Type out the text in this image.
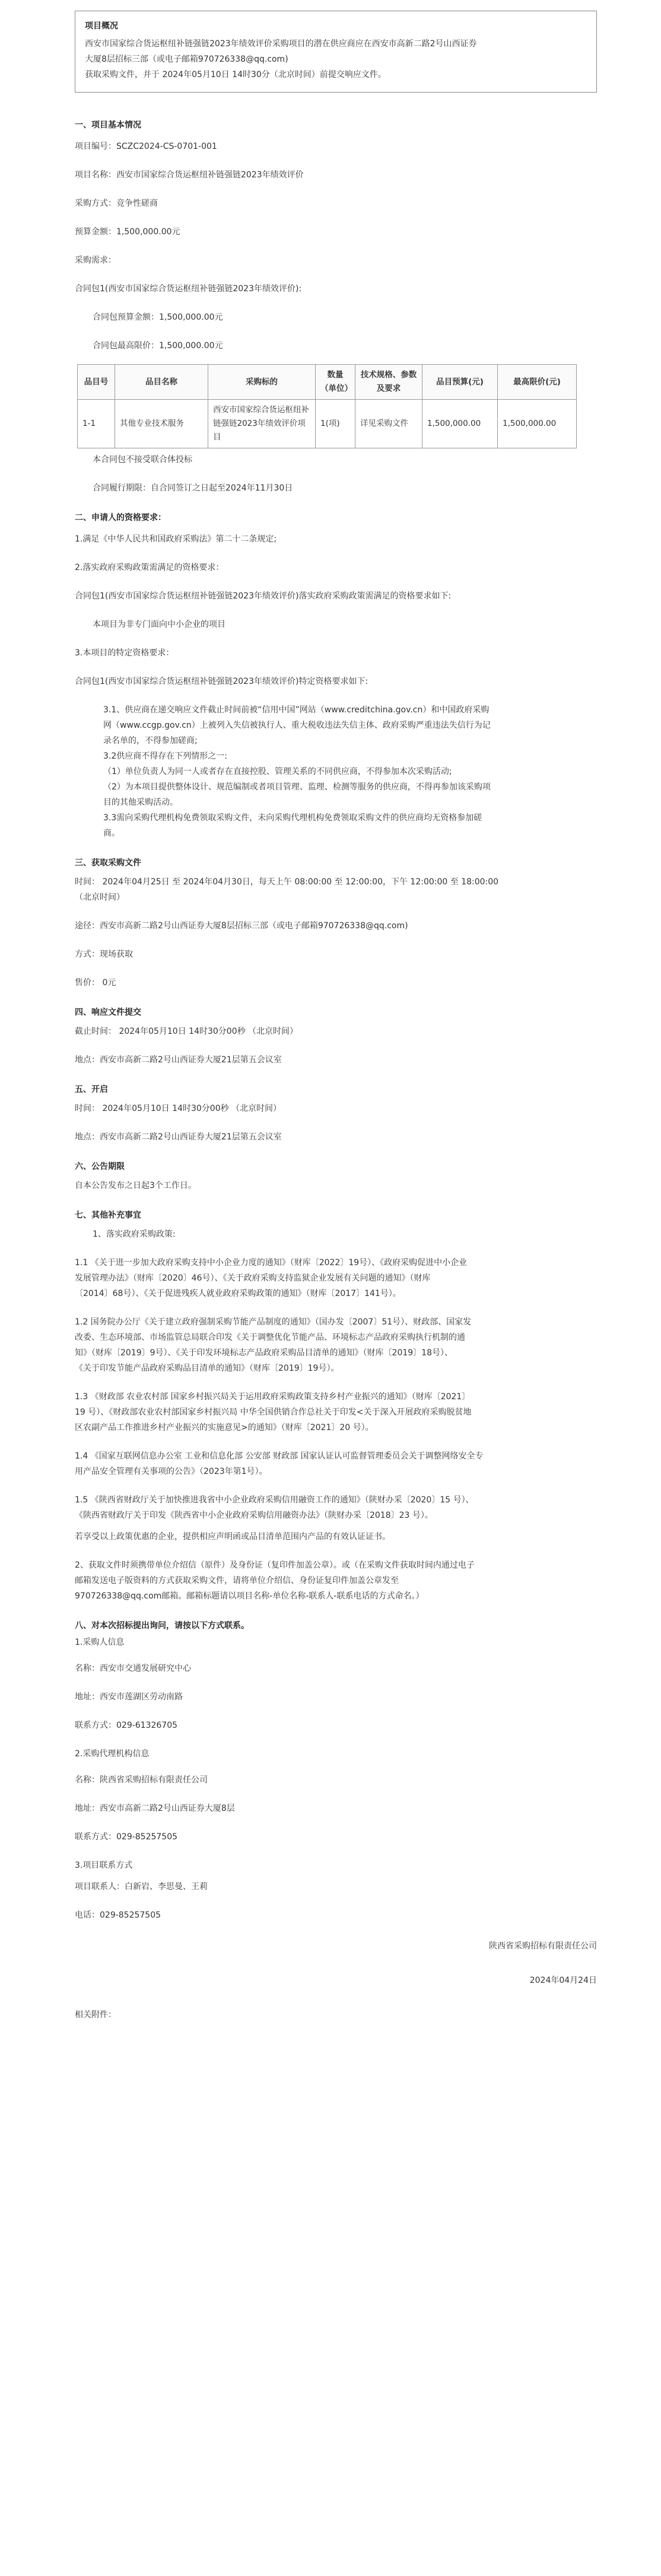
项目概况

西安市国家综合货运枢纽补链强链2023年绩效评价采购项目的潜在供应商应在西安市高新二路2号山西证券

大厦8层招标三部（或电子邮箱970726338@qq.com)

获取采购文件，并于 2024年05月10日 14时30分（北京时间）前提交响应文件。

一、项目基本情况
项目编号：SCZC2024-CS-0701-001
项目名称：西安市国家综合货运枢纽补链强链2023年绩效评价
采购方式：竞争性磋商
预算金额：1,500,000.00元
采购需求：
合同包1(西安市国家综合货运枢纽补链强链2023年绩效评价):
合同包预算金额：1,500,000.00元
合同包最高限价：1,500,000.00元
品目号	品目名称	采购标的	数量（单位）	技术规格、参数及要求	品目预算(元)	最高限价(元)
1-1	其他专业技术服务	西安市国家综合货运枢纽补链强链2023年绩效评价项目	1(项)	详见采购文件	1,500,000.00	1,500,000.00
本合同包不接受联合体投标
合同履行期限：自合同签订之日起至2024年11月30日
二、申请人的资格要求：
1.满足《中华人民共和国政府采购法》第二十二条规定;
2.落实政府采购政策需满足的资格要求：
合同包1(西安市国家综合货运枢纽补链强链2023年绩效评价)落实政府采购政策需满足的资格要求如下:
本项目为非专门面向中小企业的项目
3.本项目的特定资格要求：
合同包1(西安市国家综合货运枢纽补链强链2023年绩效评价)特定资格要求如下:
3.1、供应商在递交响应文件截止时间前被“信用中国”网站（www.creditchina.gov.cn）和中国政府采购
网（www.ccgp.gov.cn）上被列入失信被执行人、重大税收违法失信主体、政府采购严重违法失信行为记
录名单的，不得参加磋商;
3.2供应商不得存在下列情形之一:
（1）单位负责人为同一人或者存在直接控股、管理关系的不同供应商，不得参加本次采购活动;
（2）为本项目提供整体设计、规范编制或者项目管理、监理、检测等服务的供应商，不得再参加该采购项
目的其他采购活动。
3.3需向采购代理机构免费领取采购文件，未向采购代理机构免费领取采购文件的供应商均无资格参加磋
商。
三、获取采购文件
时间： 2024年04月25日 至 2024年04月30日，每天上午 08:00:00 至 12:00:00，下午 12:00:00 至 18:00:00
（北京时间）
途径：西安市高新二路2号山西证券大厦8层招标三部（或电子邮箱970726338@qq.com)
方式：现场获取
售价： 0元
四、响应文件提交
截止时间： 2024年05月10日 14时30分00秒 （北京时间）
地点：西安市高新二路2号山西证券大厦21层第五会议室
五、开启
时间： 2024年05月10日 14时30分00秒 （北京时间）
地点：西安市高新二路2号山西证券大厦21层第五会议室
六、公告期限
自本公告发布之日起3个工作日。
七、其他补充事宜
1、落实政府采购政策:
1.1 《关于进一步加大政府采购支持中小企业力度的通知》（财库〔2022〕19号）、《政府采购促进中小企业
发展管理办法》（财库〔2020〕46号）、《关于政府采购支持监狱企业发展有关问题的通知》（财库
〔2014〕68号）、《关于促进残疾人就业政府采购政策的通知》（财库〔2017〕141号）。
1.2 国务院办公厅《关于建立政府强制采购节能产品制度的通知》（国办发〔2007〕51号）、财政部、国家发
改委、生态环境部、市场监管总局联合印发《关于调整优化节能产品、环境标志产品政府采购执行机制的通
知》（财库〔2019〕9号）、《关于印发环境标志产品政府采购品目清单的通知》（财库〔2019〕18号）、
《关于印发节能产品政府采购品目清单的通知》（财库〔2019〕19号）。
1.3 《财政部 农业农村部 国家乡村振兴局关于运用政府采购政策支持乡村产业振兴的通知》（财库〔2021〕
19 号）、《财政部农业农村部国家乡村振兴局 中华全国供销合作总社关于印发<关于深入开展政府采购脱贫地
区农副产品工作推进乡村产业振兴的实施意见>的通知》（财库〔2021〕20 号）。
1.4 《国家互联网信息办公室 工业和信息化部 公安部 财政部 国家认证认可监督管理委员会关于调整网络安全专
用产品安全管理有关事项的公告》（2023年第1号）。
1.5 《陕西省财政厅关于加快推进我省中小企业政府采购信用融资工作的通知》（陕财办采〔2020〕15 号）、
《陕西省财政厅关于印发《陕西省中小企业政府采购信用融资办法》（陕财办采〔2018〕23 号）。
若享受以上政策优惠的企业，提供相应声明函或品目清单范围内产品的有效认证证书。
2、获取文件时须携带单位介绍信（原件）及身份证（复印件加盖公章）。或（在采购文件获取时间内通过电子
邮箱发送电子版资料的方式获取采购文件，请将单位介绍信、身份证复印件加盖公章发至
970726338@qq.com邮箱。邮箱标题请以项目名称-单位名称-联系人-联系电话的方式命名。）
八、对本次招标提出询问，请按以下方式联系。
1.采购人信息
名称：西安市交通发展研究中心
地址：西安市莲湖区劳动南路
联系方式：029-61326705
2.采购代理机构信息
名称：陕西省采购招标有限责任公司
地址：西安市高新二路2号山西证券大厦8层
联系方式：029-85257505
3.项目联系方式
项目联系人：白新岩、李思曼、王莉
电话：029-85257505
陕西省采购招标有限责任公司
2024年04月24日
相关附件：
